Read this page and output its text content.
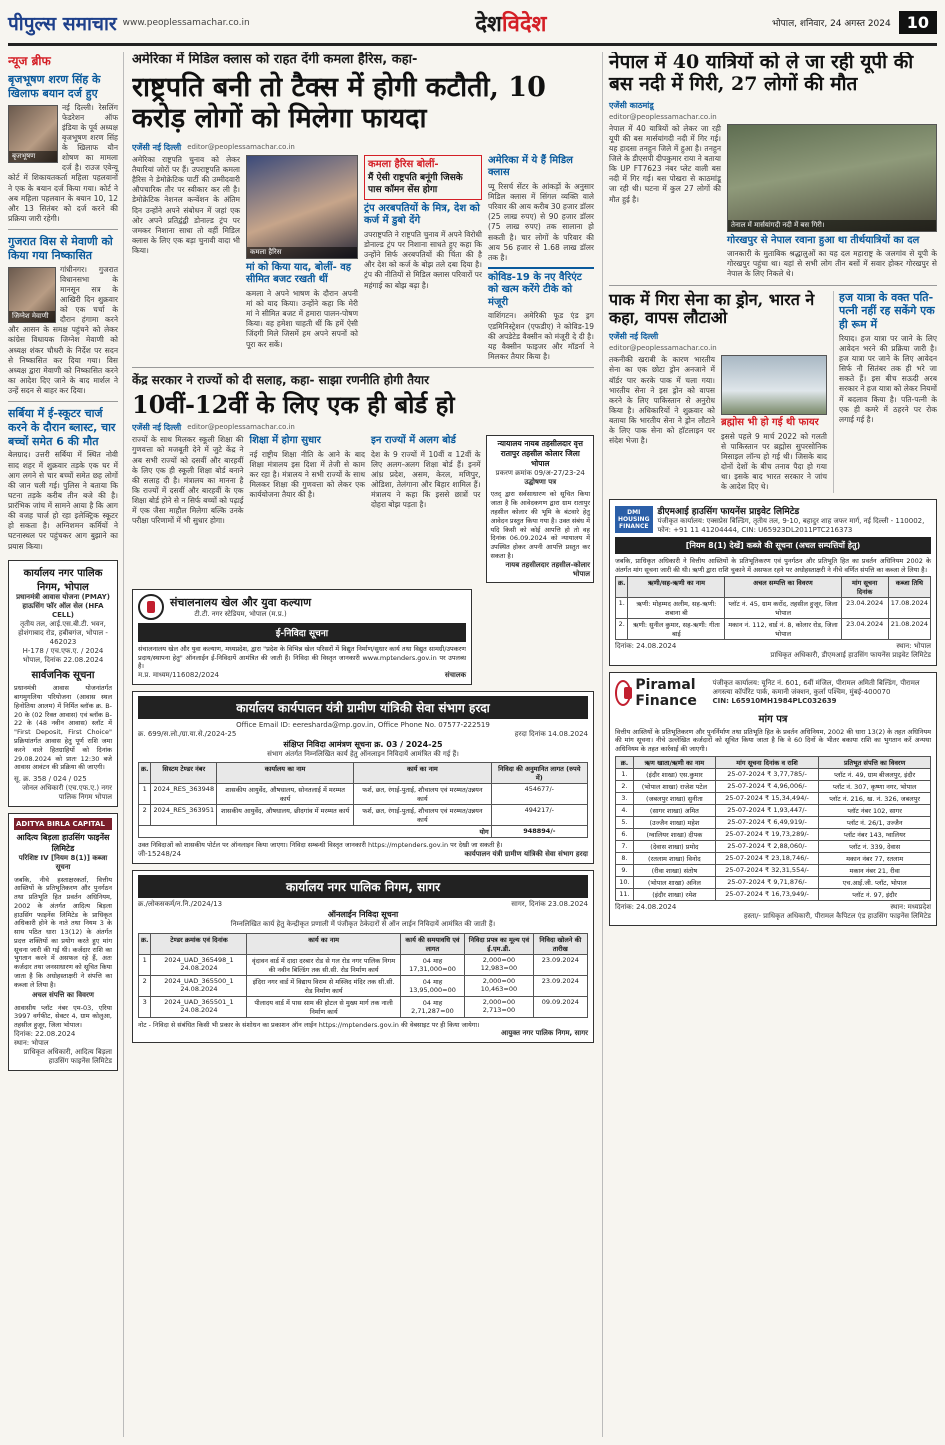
पीपुल्स समाचार www.peoplessamachar.co.in	देशविदेश	भोपाल, शनिवार, 24 अगस्त 2024	10
न्यूज ब्रीफ
बृजभूषण शरण सिंह के खिलाफ बयान दर्ज हुए
बृजभूषण

नई दिल्ली। रेसलिंग फेडरेशन ऑफ इंडिया के पूर्व अध्यक्ष बृजभूषण शरण सिंह के खिलाफ यौन शोषण का मामला दर्ज है। राउज एवेन्यू कोर्ट में शिकायतकर्ता महिला पहलवानों ने एक के बयान दर्ज किया गया। कोर्ट ने अब महिला पहलवान के बयान 10, 12 और 13 सितंबर को दर्ज करने की प्रक्रिया जारी रहेगी।

गुजरात विस से मेवाणी को किया गया निष्कासित
जिग्नेश मेवाणी

गांधीनगर। गुजरात विधानसभा के मानसून सत्र के आखिरी दिन शुक्रवार को एक चर्चा के दौरान हंगामा करने और आसन के समक्ष पहुंचने को लेकर कांग्रेस विधायक जिग्नेश मेवाणी को अध्यक्ष शंकर चौधरी के निर्देश पर सदन से निष्कासित कर दिया गया। विस अध्यक्ष द्वारा मेवाणी को निष्कासित करने का आदेश दिए जाने के बाद मार्शल ने उन्हें सदन से बाहर कर दिया।

सर्बिया में ई-स्कूटर चार्ज करने के दौरान ब्लास्ट, चार बच्चों समेत 6 की मौत

बेलग्राद। उत्तरी सर्बिया में स्थित नोवी साद शहर में शुक्रवार तड़के एक घर में आग लगने से चार बच्चों समेत छह लोगों की जान चली गई। पुलिस ने बताया कि घटना तड़के करीब तीन बजे की है। प्रारंभिक जांच में सामने आया है कि आग की वजह चार्ज हो रहा इलेक्ट्रिक स्कूटर हो सकता है। अग्निशमन कर्मियों ने घटनास्थल पर पहुंचकर आग बुझाने का प्रयास किया।

कार्यालय नगर पालिक निगम, भोपाल
प्रधानमंत्री आवास योजना (PMAY) हाऊसिंग फॉर ऑल सेल (HFA CELL)
तृतीय तल, आई.एस.बी.टी. भवन, होशंगाबाद रोड, हबीबगंज, भोपाल - 462023
H-178 / एच.एफ.ए. / 2024
भोपाल, दिनांक 22.08.2024
सार्वजनिक सूचना

प्रधानमंत्री आवास योजनांतर्गत बागमुगलिया परियोजना (आवास स्थल हिनोतिया आलम) में निर्मित ब्लॉक क्र. B-20 के (02 रिक्त आवास) एवं ब्लॉक B-22 के (48 नवीन आवास) स्लॉट में "First Deposit, First Choice" प्रक्रियांतर्गत आवास हेतु पूर्ण राशि जमा करने वाले हितग्राहियों को दिनांक 29.08.2024 को प्रातः 12:30 बजे आवास आवंटन की प्रक्रिया की जाएगी।

सू. क्र. 358 / 024 / 025
जोनल अधिकारी (एच.एफ.ए.) नगर पालिक निगम भोपाल
ADITYA BIRLA CAPITAL
आदित्य बिड़ला हाउसिंग फाइनेंस लिमिटेड
परिशिष्ट IV [नियम 8(1)] कब्जा सूचना

जबकि, नीचे हस्ताक्षरकर्ता, वित्तीय आस्तियों के प्रतिभूतिकरण और पुनर्गठन तथा प्रतिभूति हित प्रवर्तन अधिनियम, 2002 के अंतर्गत आदित्य बिड़ला हाउसिंग फाइनेंस लिमिटेड के प्राधिकृत अधिकारी होने के नाते तथा नियम 3 के साथ पठित धारा 13(12) के अंतर्गत प्रदत्त शक्तियों का प्रयोग करते हुए मांग सूचना जारी की गई थी। कर्जदार राशि का भुगतान करने में असफल रहे हैं, अतः कर्जदार तथा जनसाधारण को सूचित किया जाता है कि अधोहस्ताक्षरी ने संपत्ति का कब्जा ले लिया है।

अचल संपत्ति का विवरण

आवासीय प्लॉट नंबर एम-03, एरिया 3997 वर्गफीट, सेक्टर 4, ग्राम कोलुआ, तहसील हुजूर, जिला भोपाल।

दिनांक: 22.08.2024
स्थान: भोपाल
प्राधिकृत अधिकारी, आदित्य बिड़ला हाउसिंग फाइनेंस लिमिटेड
अमेरिका में मिडिल क्लास को राहत देंगी कमला हैरिस, कहा-
राष्ट्रपति बनी तो टैक्स में होगी कटौती, 10 करोड़ लोगों को मिलेगा फायदा
एजेंसी नई दिल्ली editor@peoplessamachar.co.in

अमेरिका राष्ट्रपति चुनाव को लेकर तैयारियां जोरों पर हैं। उपराष्ट्रपति कमला हैरिस ने डेमोक्रेटिक पार्टी की उम्मीदवारी औपचारिक तौर पर स्वीकार कर ली है। डेमोक्रेटिक नेशनल कन्वेंशन के अंतिम दिन उन्होंने अपने संबोधन में जहां एक ओर अपने प्रतिद्वंद्वी डोनाल्ड ट्रंप पर जमकर निशाना साधा तो वहीं मिडिल क्लास के लिए एक बड़ा चुनावी वादा भी किया।	कमला हैरिस
मां को किया याद, बोलीं- वह सीमित बजट रखती थीं

कमला ने अपने भाषण के दौरान अपनी मां को याद किया। उन्होंने कहा कि मेरी मां ने सीमित बजट में हमारा पालन-पोषण किया। वह हमेशा चाहती थीं कि हमें ऐसी जिंदगी मिले जिसमें हम अपने सपनों को पूरा कर सकें।

कमला हैरिस बोलीं-
मैं ऐसी राष्ट्रपति बनूंगी जिसके पास कॉमन सेंस होगा
ट्रंप अरबपतियों के मित्र, देश को कर्ज में डुबो देंगे

उपराष्ट्रपति ने राष्ट्रपति चुनाव में अपने विरोधी डोनाल्ड ट्रंप पर निशाना साधते हुए कहा कि उन्होंने सिर्फ अरबपतियों की चिंता की है और देश को कर्ज के बोझ तले दबा दिया है। ट्रंप की नीतियों से मिडिल क्लास परिवारों पर महंगाई का बोझ बढ़ा है।

अमेरिका में ये हैं मिडिल क्लास

प्यू रिसर्च सेंटर के आंकड़ों के अनुसार मिडिल क्लास में सिंगल व्यक्ति वाले परिवार की आय करीब 30 हजार डॉलर (25 लाख रुपए) से 90 हजार डॉलर (75 लाख रुपए) तक सालाना हो सकती है। चार लोगों के परिवार की आय 56 हजार से 1.68 लाख डॉलर तक है।

कोविड-19 के नए वैरिएंट को खत्म करेंगे टीके को मंजूरी

वाशिंगटन। अमेरिकी फूड एंड ड्रग एडमिनिस्ट्रेशन (एफडीए) ने कोविड-19 की अपडेटेड वैक्सीन को मंजूरी दे दी है। यह वैक्सीन फाइजर और मॉडर्ना ने मिलकर तैयार किया है।

केंद्र सरकार ने राज्यों को दी सलाह, कहा- साझा रणनीति होगी तैयार
10वीं-12वीं के लिए एक ही बोर्ड हो
एजेंसी नई दिल्ली editor@peoplessamachar.co.in

राज्यों के साथ मिलकर स्कूली शिक्षा की गुणवत्ता को मजबूती देने में जुटे केंद्र ने अब सभी राज्यों को दसवीं और बारहवीं के लिए एक ही स्कूली शिक्षा बोर्ड बनाने की सलाह दी है। मंत्रालय का मानना है कि राज्यों में दसवीं और बारहवीं के एक शिक्षा बोर्ड होने से न सिर्फ बच्चों को पढ़ाई में एक जैसा माहौल मिलेगा बल्कि उनके परीक्षा परिणामों में भी सुधार होगा।

शिक्षा में होगा सुधार

नई राष्ट्रीय शिक्षा नीति के आने के बाद शिक्षा मंत्रालय इस दिशा में तेजी से काम कर रहा है। मंत्रालय ने सभी राज्यों के साथ मिलकर शिक्षा की गुणवत्ता को लेकर एक कार्ययोजना तैयार की है।

इन राज्यों में अलग बोर्ड

देश के 9 राज्यों में 10वीं व 12वीं के लिए अलग-अलग शिक्षा बोर्ड हैं। इनमें आंध्र प्रदेश, असम, केरल, मणिपुर, ओडिशा, तेलंगाना और बिहार शामिल हैं। मंत्रालय ने कहा कि इससे छात्रों पर दोहरा बोझ पड़ता है।

न्यायालय नायब तहसीलदार वृत्त रातापुर तहसील कोलार जिला भोपाल
प्रकरण क्रमांक 09/अ-27/23-24
उद्घोषणा पत्र

एतद् द्वारा सर्वसाधारण को सूचित किया जाता है कि आवेदकगण द्वारा ग्राम रातापुर तहसील कोलार की भूमि के बंटवारे हेतु आवेदन प्रस्तुत किया गया है। उक्त संबंध में यदि किसी को कोई आपत्ति हो तो वह दिनांक 06.09.2024 को न्यायालय में उपस्थित होकर अपनी आपत्ति प्रस्तुत कर सकता है।

नायब तहसीलदार तहसील-कोलार भोपाल
संचालनालय खेल और युवा कल्याण
टी.टी. नगर स्टेडियम, भोपाल (म.प्र.)
ई-निविदा सूचना

संचालनालय खेल और युवा कल्याण, मध्यप्रदेश, द्वारा "प्रदेश के विभिन्न खेल परिसरों में विद्युत निर्माण/सुधार कार्य तथा विद्युत सामग्री/उपकरण प्रदाय/स्थापना हेतु" ऑनलाईन ई-निविदायें आमंत्रित की जाती हैं। निविदा की विस्तृत जानकारी www.mptenders.gov.in पर उपलब्ध है।

म.प्र. माध्यम/116082/2024	संचालक
कार्यालय कार्यपालन यंत्री ग्रामीण यांत्रिकी सेवा संभाग हरदा
Office Email ID: eeresharda@mp.gov.in, Office Phone No. 07577-222519
क्र. 699/स.लो./ग्रा.या.से./2024-25	हरदा दिनांक 14.08.2024
संक्षिप्त निविदा आमंत्रण सूचना क्र. 03 / 2024-25
संभाग अंतर्गत निम्नलिखित कार्य हेतु ऑनलाइन निविदायें आमंत्रित की गई हैं।
क्र.	सिस्टम टेण्डर नंबर	कार्यालय का नाम	कार्य का नाम	निविदा की अनुमानित लागत (रुपये में)
1	2024_RES_363948	शासकीय आयुर्वेद, औषधालय, सोनतलाई में मरम्मत कार्य	फर्श, छत, रंगाई-पुताई, शौचालय एवं मरम्मत/उन्नयन कार्य	454677/-
2	2024_RES_363951	शासकीय आयुर्वेद, औषधालय, छीदगांव में मरम्मत कार्य	फर्श, छत, रंगाई-पुताई, शौचालय एवं मरम्मत/उन्नयन कार्य	494217/-
योग				948894/-

उक्त निविदाओं को शासकीय पोर्टल पर ऑनलाइन किया जाएगा। निविदा सम्बन्धी विस्तृत जानकारी https://mptenders.gov.in पर देखी जा सकती है।

जी-15248/24	कार्यपालन यंत्री ग्रामीण यांत्रिकी सेवा संभाग हरदा
कार्यालय नगर पालिक निगम, सागर
क्र./लोकसकर्म/न.नि./2024/13	सागर, दिनांक 23.08.2024
ऑनलाईन निविदा सूचना
निम्नलिखित कार्य हेतु केन्द्रीकृत प्रणाली में पंजीकृत ठेकेदारों से ऑन लाईन निविदायें आमंत्रित की जाती हैं।
क्र.	टेण्डर क्रमांक एवं दिनांक	कार्य का नाम	कार्य की समयावधि एवं लागत	निविदा प्रपत्र का मूल्य एवं ई.एम.डी.	निविदा खोलने की तारीख
1	2024_UAD_365498_1 24.08.2024	वृंदावन वार्ड में दादा दरबार रोड से गल रोड नगर पालिक निगम की नवीन बिल्डिंग तक सी.सी. रोड निर्माण कार्य	04 माह 17,31,000=00	2,000=00 12,983=00	23.09.2024
2	2024_UAD_365500_1 24.08.2024	इंदिरा नगर वार्ड में विद्याय विराम से मस्जिद मंदिर तक सी.सी. रोड निर्माण कार्य	04 माह 13,95,000=00	2,000=00 10,463=00	23.09.2024
3	2024_UAD_365501_1 24.08.2024	पीलादय वार्ड में पास साम की होटल से मुख्य मार्ग तक नाली निर्माण कार्य	04 माह 2,71,287=00	2,000=00 2,713=00	09.09.2024

नोट - निविदा से संबंधित किसी भी प्रकार के संशोधन का प्रकाशन ऑन लाईन https://mptenders.gov.in की वेबसाइट पर ही किया जायेगा।

आयुक्त नगर पालिक निगम, सागर
नेपाल में 40 यात्रियों को ले जा रही यूपी की बस नदी में गिरी, 27 लोगों की मौत
एजेंसी काठमांडू
editor@peoplessamachar.co.in

नेपाल में 40 यात्रियों को लेकर जा रही यूपी की बस मार्सयांगदी नदी में गिर गई। यह हादसा तनहुन जिले में हुआ है। तनहुन जिले के डीएसपी दीपकुमार राया ने बताया कि UP FT7623 नंबर प्लेट वाली बस नदी में गिर गई। बस पोखरा से काठमांडू जा रही थी। घटना में कुल 27 लोगों की मौत हुई है।

तेनाल में मार्सयांगदी नदी में बस गिरी।
गोरखपुर से नेपाल रवाना हुआ था तीर्थयात्रियों का दल

जानकारी के मुताबिक श्रद्धालुओं का यह दल महाराष्ट्र के जलगांव से यूपी के गोरखपुर पहुंचा था। यहां से सभी लोग तीन बसों में सवार होकर गोरखपुर से नेपाल के लिए निकले थे।

पाक में गिरा सेना का ड्रोन, भारत ने कहा, वापस लौटाओ
एजेंसी नई दिल्ली
editor@peoplessamachar.co.in

तकनीकी खराबी के कारण भारतीय सेना का एक छोटा ड्रोन अनजाने में बॉर्डर पार करके पाक में चला गया। भारतीय सेना ने इस ड्रोन को वापस करने के लिए पाकिस्तान से अनुरोध किया है। अधिकारियों ने शुक्रवार को बताया कि भारतीय सेना ने ड्रोन लौटाने के लिए पाक सेना को हॉटलाइन पर संदेश भेजा है।

ब्रह्मोस भी हो गई थी फायर

इससे पहले 9 मार्च 2022 को गलती से पाकिस्तान पर ब्रह्मोस सुपरसोनिक मिसाइल लॉन्च हो गई थी। जिसके बाद दोनों देशों के बीच तनाव पैदा हो गया था। इसके बाद भारत सरकार ने जांच के आदेश दिए थे।

हज यात्रा के वक्त पति-पत्नी नहीं रह सकेंगे एक ही रूम में

रियाद। हज यात्रा पर जाने के लिए आवेदन भरने की प्रक्रिया जारी है। हज यात्रा पर जाने के लिए आवेदन सिर्फ नौ सितंबर तक ही भरे जा सकते हैं। इस बीच सऊदी अरब सरकार ने हज यात्रा को लेकर नियमों में बदलाव किया है। पति-पत्नी के एक ही कमरे में ठहरने पर रोक लगाई गई है।

DMI HOUSING FINANCE
डीएमआई हाउसिंग फायनेंस प्राइवेट लिमिटेड
पंजीकृत कार्यालय: एक्सप्रेस बिल्डिंग, तृतीय तल, 9-10, बहादुर शाह जफर मार्ग, नई दिल्ली - 110002, फोन: +91 11 41204444, CIN: U65923DL2011PTC216373
[नियम 8(1) देखें] कब्जे की सूचना (अचल सम्पत्तियों हेतु)

जबकि, प्राधिकृत अधिकारी ने वित्तीय आस्तियों के प्रतिभूतिकरण एवं पुनर्गठन और प्रतिभूति हित का प्रवर्तन अधिनियम 2002 के अंतर्गत मांग सूचना जारी की थी। ऋणी द्वारा राशि चुकाने में असफल रहने पर अधोहस्ताक्षरी ने नीचे वर्णित संपत्ति का कब्जा ले लिया है।

क्र.	ऋणी/सह-ऋणी का नाम	अचल सम्पत्ति का विवरण	मांग सूचना दिनांक	कब्जा तिथि
1.	ऋणी: मोहम्मद अलीम, सह-ऋणी: शबाना बी	प्लॉट नं. 45, ग्राम करोंद, तहसील हुजूर, जिला भोपाल	23.04.2024	17.08.2024
2.	ऋणी: सुनील कुमार, सह-ऋणी: गीता बाई	मकान नं. 112, वार्ड नं. 8, कोलार रोड, जिला भोपाल	23.04.2024	21.08.2024
दिनांक: 24.08.2024	स्थान: भोपाल
प्राधिकृत अधिकारी, डीएमआई हाउसिंग फायनेंस प्राइवेट लिमिटेड
Piramal Finance
पंजीकृत कार्यालय: यूनिट नं. 601, 6वीं मंजिल, पीरामल अमिती बिल्डिंग, पीरामल अगस्त्या कॉर्पोरेट पार्क, कमानी जंक्शन, कुर्ला पश्चिम, मुंबई-400070
CIN: L65910MH1984PLC032639
मांग पत्र

वित्तीय आस्तियों के प्रतिभूतिकरण और पुनर्निर्माण तथा प्रतिभूति हित के प्रवर्तन अधिनियम, 2002 की धारा 13(2) के तहत अधिनियम की मांग सूचना। नीचे उल्लेखित कर्जदारों को सूचित किया जाता है कि वे 60 दिनों के भीतर बकाया राशि का भुगतान करें अन्यथा अधिनियम के तहत कार्रवाई की जाएगी।

क्र.	ऋण खाता/ऋणी का नाम	मांग सूचना दिनांक व राशि	प्रतिभूत संपत्ति का विवरण
1.	(इंदौर शाखा) एस.कुमार	25-07-2024 ₹ 3,77,785/-	प्लॉट नं. 49, ग्राम बीजलपुर, इंदौर
2.	(भोपाल शाखा) राजेश पटेल	25-07-2024 ₹ 4,96,006/-	प्लॉट नं. 307, कृष्णा नगर, भोपाल
3.	(जबलपुर शाखा) सुनीता	25-07-2024 ₹ 15,34,494/-	प्लॉट नं. 216, ख. नं. 326, जबलपुर
4.	(सागर शाखा) अमित	25-07-2024 ₹ 1,93,447/-	प्लॉट नंबर 102, सागर
5.	(उज्जैन शाखा) महेश	25-07-2024 ₹ 6,49,919/-	प्लॉट नं. 26/1, उज्जैन
6.	(ग्वालियर शाखा) दीपक	25-07-2024 ₹ 19,73,289/-	प्लॉट नंबर 143, ग्वालियर
7.	(देवास शाखा) प्रमोद	25-07-2024 ₹ 2,88,060/-	प्लॉट नं. 339, देवास
8.	(रतलाम शाखा) विनोद	25-07-2024 ₹ 23,18,746/-	मकान नंबर 77, रतलाम
9.	(रीवा शाखा) संतोष	25-07-2024 ₹ 32,31,554/-	मकान नंबर 21, रीवा
10.	(भोपाल शाखा) अनिल	25-07-2024 ₹ 9,71,876/-	एच.आई.जी. प्लॉट, भोपाल
11.	(इंदौर शाखा) रमेश	25-07-2024 ₹ 16,73,949/-	प्लॉट नं. 97, इंदौर
दिनांक: 24.08.2024	स्थान: मध्यप्रदेश
हस्ता/- प्राधिकृत अधिकारी, पीरामल कैपिटल एंड हाउसिंग फाइनेंस लिमिटेड
